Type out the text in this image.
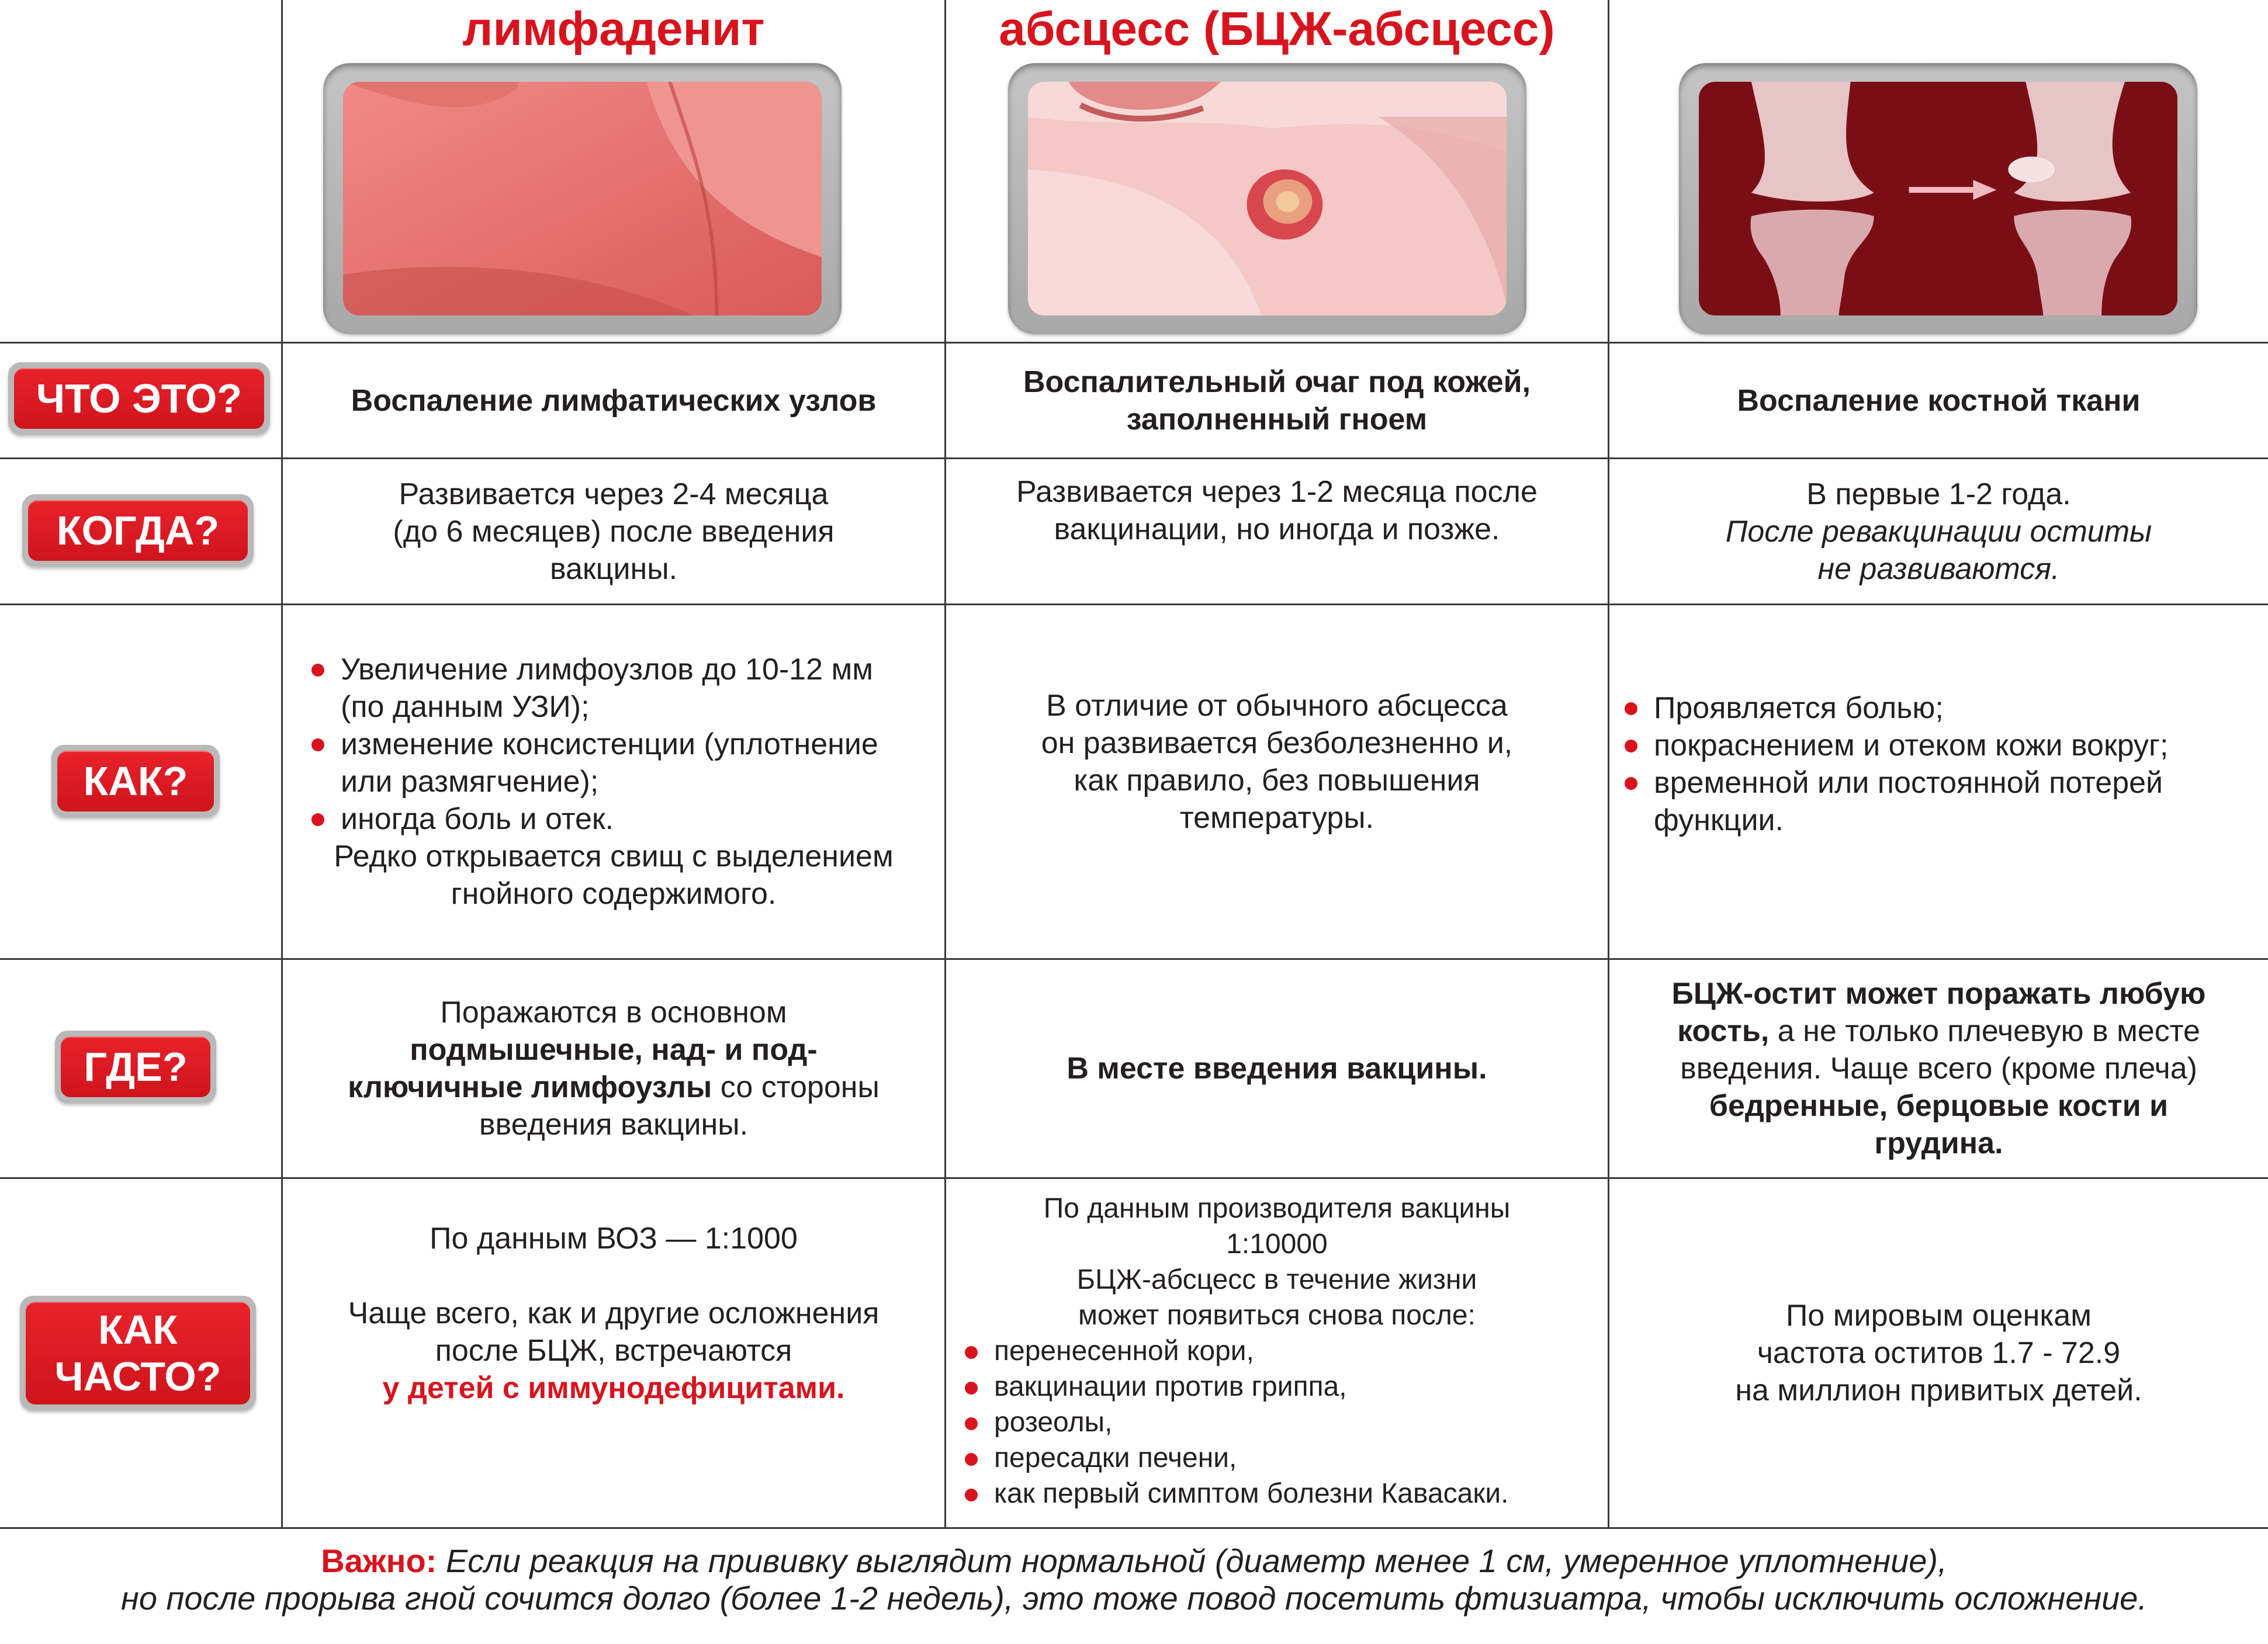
лимфаденит	абсцесс (БЦЖ-абсцесс)
ЧТО ЭТО?
КОГДА?
КАК?
ГДЕ?
КАК
ЧАСТО?

Воспаление лимфатических узлов

Воспалительный очаг под кожей,

заполненный гноем

Воспаление костной ткани

Развивается через 2-4 месяца

(до 6 месяцев) после введения

вакцины.

Развивается через 1-2 месяца после

вакцинации, но иногда и позже.

В первые 1-2 года.

После ревакцинации оститы

не развиваются.

Увеличение лимфоузлов до 10-12 мм
(по данным УЗИ);
изменение консистенции (уплотнение
или размягчение);
иногда боль и отек.

Редко открывается свищ с выделением

гнойного содержимого.

В отличие от обычного абсцесса

он развивается безболезненно и,

как правило, без повышения

температуры.

Проявляется болью;
покраснением и отеком кожи вокруг;
временной или постоянной потерей
функции.

Поражаются в основном

подмышечные, над- и под-

ключичные лимфоузлы со стороны

введения вакцины.

В месте введения вакцины.

БЦЖ-остит может поражать любую

кость, а не только плечевую в месте

введения. Чаще всего (кроме плеча)

бедренные, берцовые кости и

грудина.

По данным ВОЗ — 1:1000

Чаще всего, как и другие осложнения

после БЦЖ, встречаются

у детей с иммунодефицитами.

По данным производителя вакцины

1:10000

БЦЖ-абсцесс в течение жизни

может появиться снова после:

перенесенной кори,
вакцинации против гриппа,
розеолы,
пересадки печени,
как первый симптом болезни Кавасаки.

По мировым оценкам

частота оститов 1.7 - 72.9

на миллион привитых детей.

Важно: Если реакция на прививку выглядит нормальной (диаметр менее 1 см, умеренное уплотнение),
но после прорыва гной сочится долго (более 1-2 недель), это тоже повод посетить фтизиатра, чтобы исключить осложнение.
